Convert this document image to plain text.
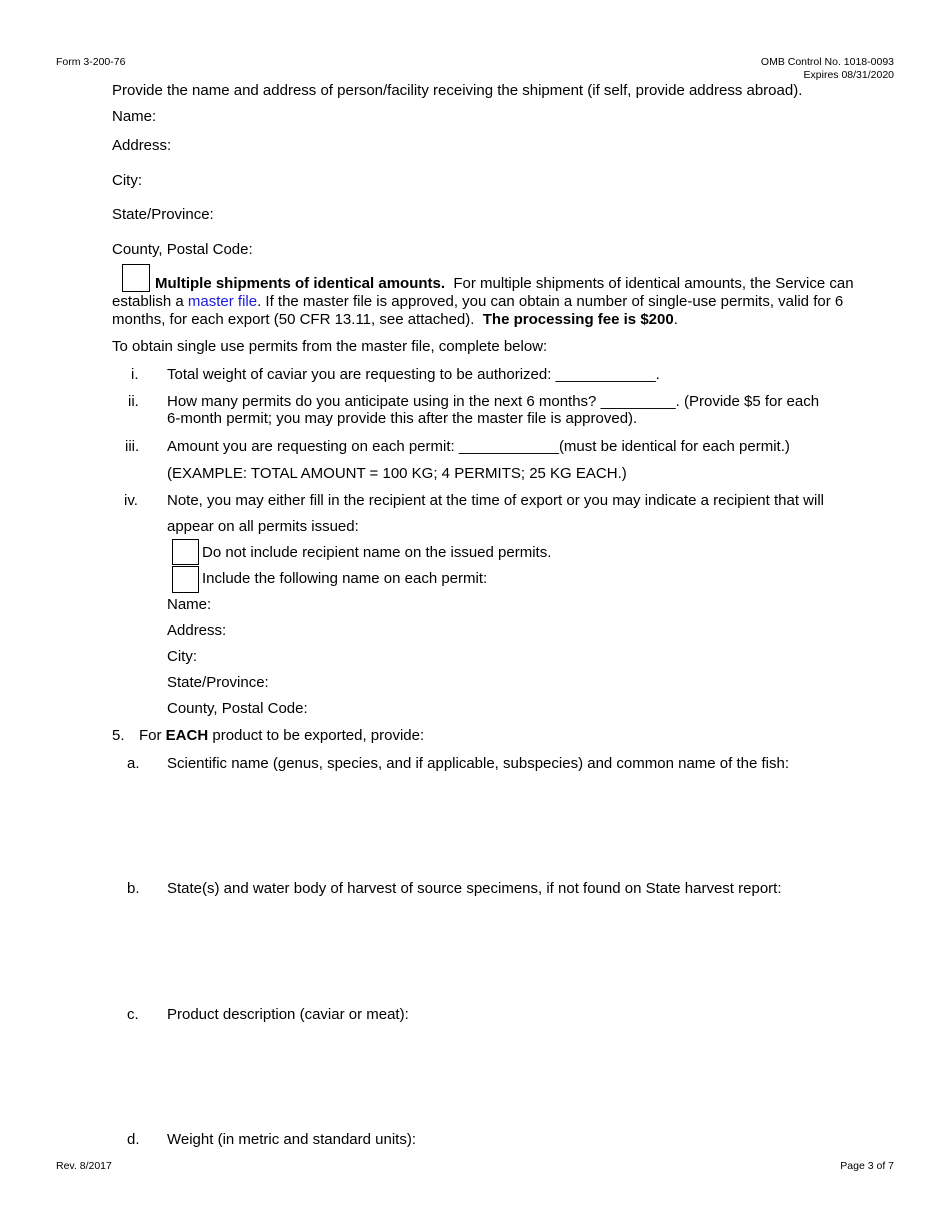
Form 3-200-76	OMB Control No. 1018-0093
Expires 08/31/2020
Provide the name and address of person/facility receiving the shipment (if self, provide address abroad).
Name:
Address:
City:
State/Province:
County, Postal Code:
Multiple shipments of identical amounts. For multiple shipments of identical amounts, the Service can establish a master file. If the master file is approved, you can obtain a number of single-use permits, valid for 6 months, for each export (50 CFR 13.11, see attached). The processing fee is $200.
To obtain single use permits from the master file, complete below:
i. Total weight of caviar you are requesting to be authorized: ____________.
ii. How many permits do you anticipate using in the next 6 months? _________. (Provide $5 for each
6-month permit; you may provide this after the master file is approved).
iii. Amount you are requesting on each permit: ____________(must be identical for each permit.)
(EXAMPLE: TOTAL AMOUNT = 100 KG; 4 PERMITS; 25 KG EACH.)
iv. Note, you may either fill in the recipient at the time of export or you may indicate a recipient that will
appear on all permits issued:
Do not include recipient name on the issued permits.
Include the following name on each permit:
Name:
Address:
City:
State/Province:
County, Postal Code:
5. For EACH product to be exported, provide:
a. Scientific name (genus, species, and if applicable, subspecies) and common name of the fish:
b. State(s) and water body of harvest of source specimens, if not found on State harvest report:
c. Product description (caviar or meat):
d. Weight (in metric and standard units):
Rev. 8/2017	Page 3 of 7
